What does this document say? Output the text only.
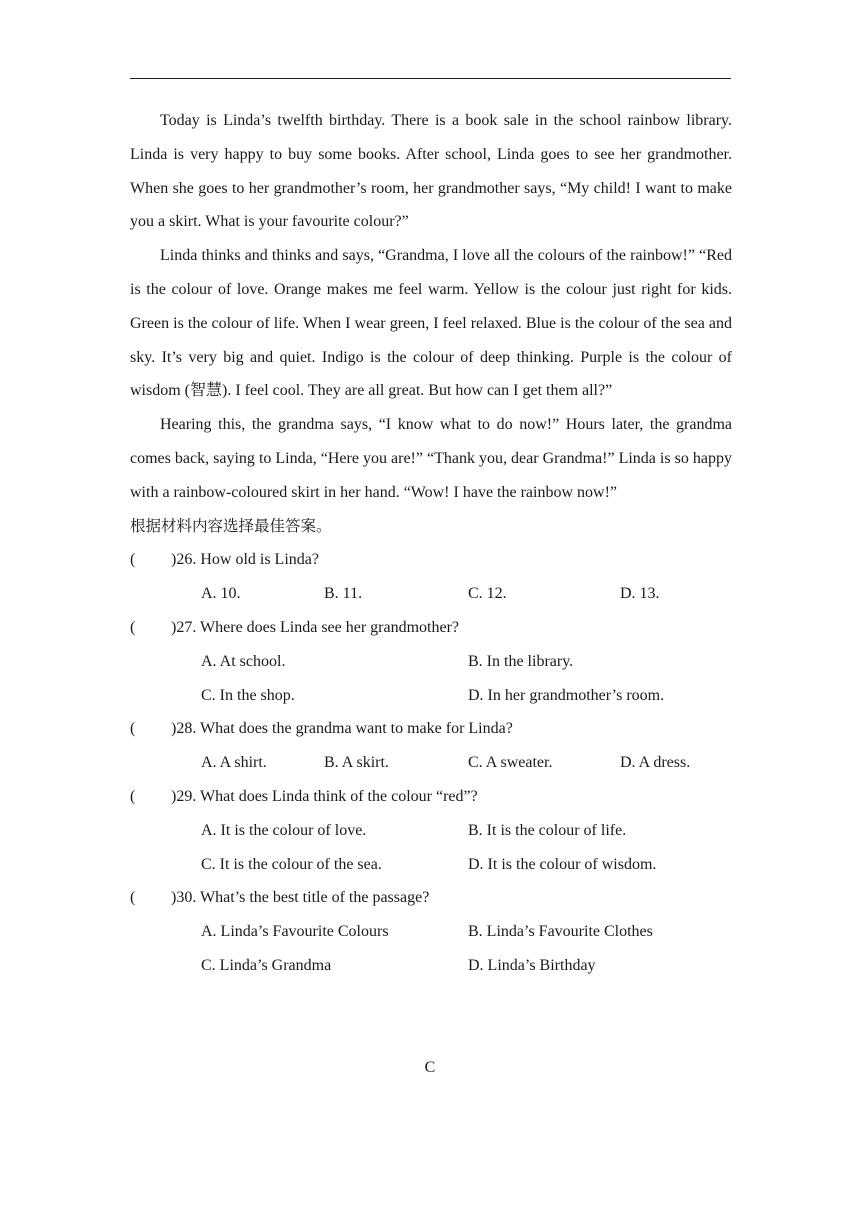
Today is Linda’s twelfth birthday. There is a book sale in the school rainbow library. Linda is very happy to buy some books. After school, Linda goes to see her grandmother. When she goes to her grandmother’s room, her grandmother says, “My child! I want to make you a skirt. What is your favourite colour?”

Linda thinks and thinks and says, “Grandma, I love all the colours of the rainbow!” “Red is the colour of love. Orange makes me feel warm. Yellow is the colour just right for kids. Green is the colour of life. When I wear green, I feel relaxed. Blue is the colour of the sea and sky. It’s very big and quiet. Indigo is the colour of deep thinking. Purple is the colour of wisdom (智慧). I feel cool. They are all great. But how can I get them all?”

Hearing this, the grandma says, “I know what to do now!” Hours later, the grandma comes back, saying to Linda, “Here you are!” “Thank you, dear Grandma!” Linda is so happy with a rainbow-coloured skirt in her hand. “Wow! I have the rainbow now!”

根据材料内容选择最佳答案。

( )26. How old is Linda?
A. 10.	B. 11.	C. 12.	D. 13.
( )27. Where does Linda see her grandmother?
A. At school.	B. In the library.
C. In the shop.	D. In her grandmother’s room.
( )28. What does the grandma want to make for Linda?
A. A shirt.	B. A skirt.	C. A sweater.	D. A dress.
( )29. What does Linda think of the colour “red”?
A. It is the colour of love.	B. It is the colour of life.
C. It is the colour of the sea.	D. It is the colour of wisdom.
( )30. What’s the best title of the passage?
A. Linda’s Favourite Colours	B. Linda’s Favourite Clothes
C. Linda’s Grandma	D. Linda’s Birthday
C
